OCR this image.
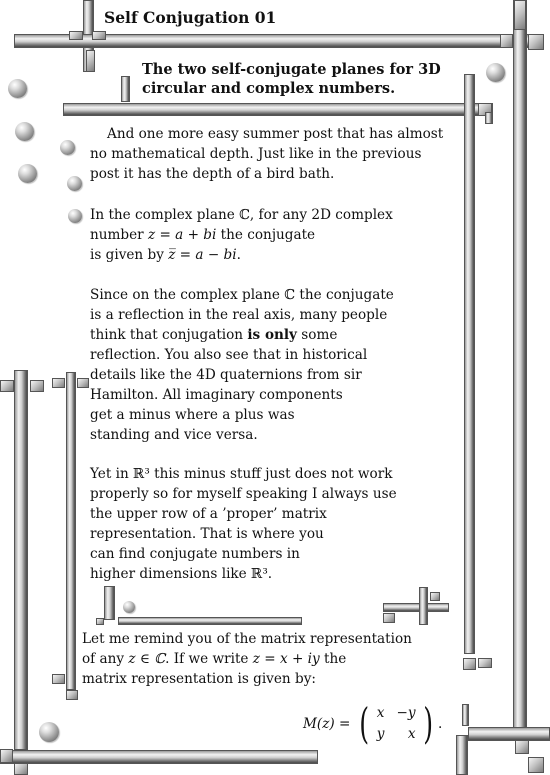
Self Conjugation 01
The two self-conjugate planes for 3D circular and complex numbers.
And one more easy summer post that has almost
no mathematical depth. Just like in the previous
post it has the depth of a bird bath.
In the complex plane ℂ, for any 2D complex
number z = a + bi the conjugate
is given by z̅ = a − bi.
Since on the complex plane ℂ the conjugate
is a reflection in the real axis, many people
think that conjugation is only some
reflection. You also see that in historical
details like the 4D quaternions from sir
Hamilton. All imaginary components
get a minus where a plus was
standing and vice versa.
Yet in ℝ³ this minus stuff just does not work
properly so for myself speaking I always use
the upper row of a ’proper’ matrix
representation. That is where you
can find conjugate numbers in
higher dimensions like ℝ³.
Let me remind you of the matrix representation
of any z ∈ ℂ. If we write z = x + iy the
matrix representation is given by:
M(z) = ( x	−y
y	x ) .
